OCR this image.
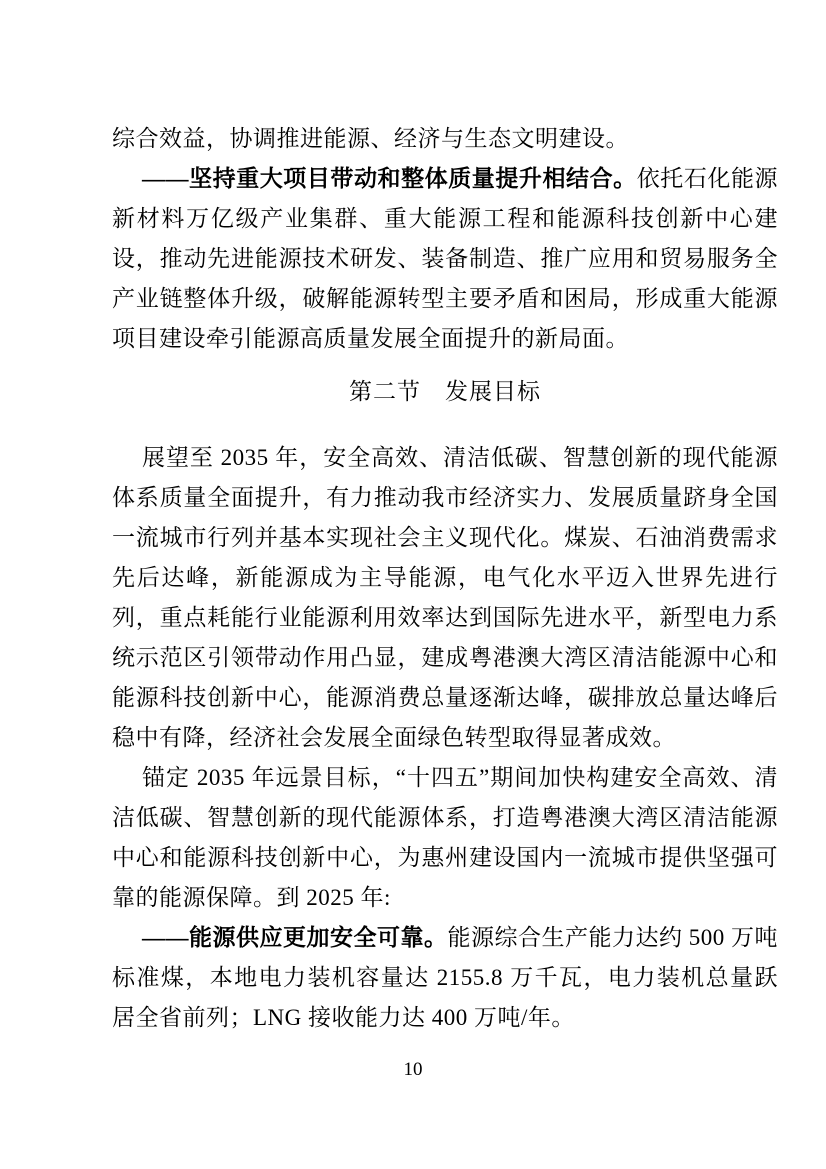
综合效益，协调推进能源、经济与生态文明建设。

——坚持重大项目带动和整体质量提升相结合。依托石化能源新材料万亿级产业集群、重大能源工程和能源科技创新中心建设，推动先进能源技术研发、装备制造、推广应用和贸易服务全产业链整体升级，破解能源转型主要矛盾和困局，形成重大能源项目建设牵引能源高质量发展全面提升的新局面。

第二节　发展目标

展望至 2035 年，安全高效、清洁低碳、智慧创新的现代能源体系质量全面提升，有力推动我市经济实力、发展质量跻身全国一流城市行列并基本实现社会主义现代化。煤炭、石油消费需求先后达峰，新能源成为主导能源，电气化水平迈入世界先进行列，重点耗能行业能源利用效率达到国际先进水平，新型电力系统示范区引领带动作用凸显，建成粤港澳大湾区清洁能源中心和能源科技创新中心，能源消费总量逐渐达峰，碳排放总量达峰后稳中有降，经济社会发展全面绿色转型取得显著成效。

锚定 2035 年远景目标，“十四五”期间加快构建安全高效、清洁低碳、智慧创新的现代能源体系，打造粤港澳大湾区清洁能源中心和能源科技创新中心，为惠州建设国内一流城市提供坚强可靠的能源保障。到 2025 年:

——能源供应更加安全可靠。能源综合生产能力达约 500 万吨标准煤，本地电力装机容量达 2155.8 万千瓦，电力装机总量跃居全省前列；LNG 接收能力达 400 万吨/年。

10
